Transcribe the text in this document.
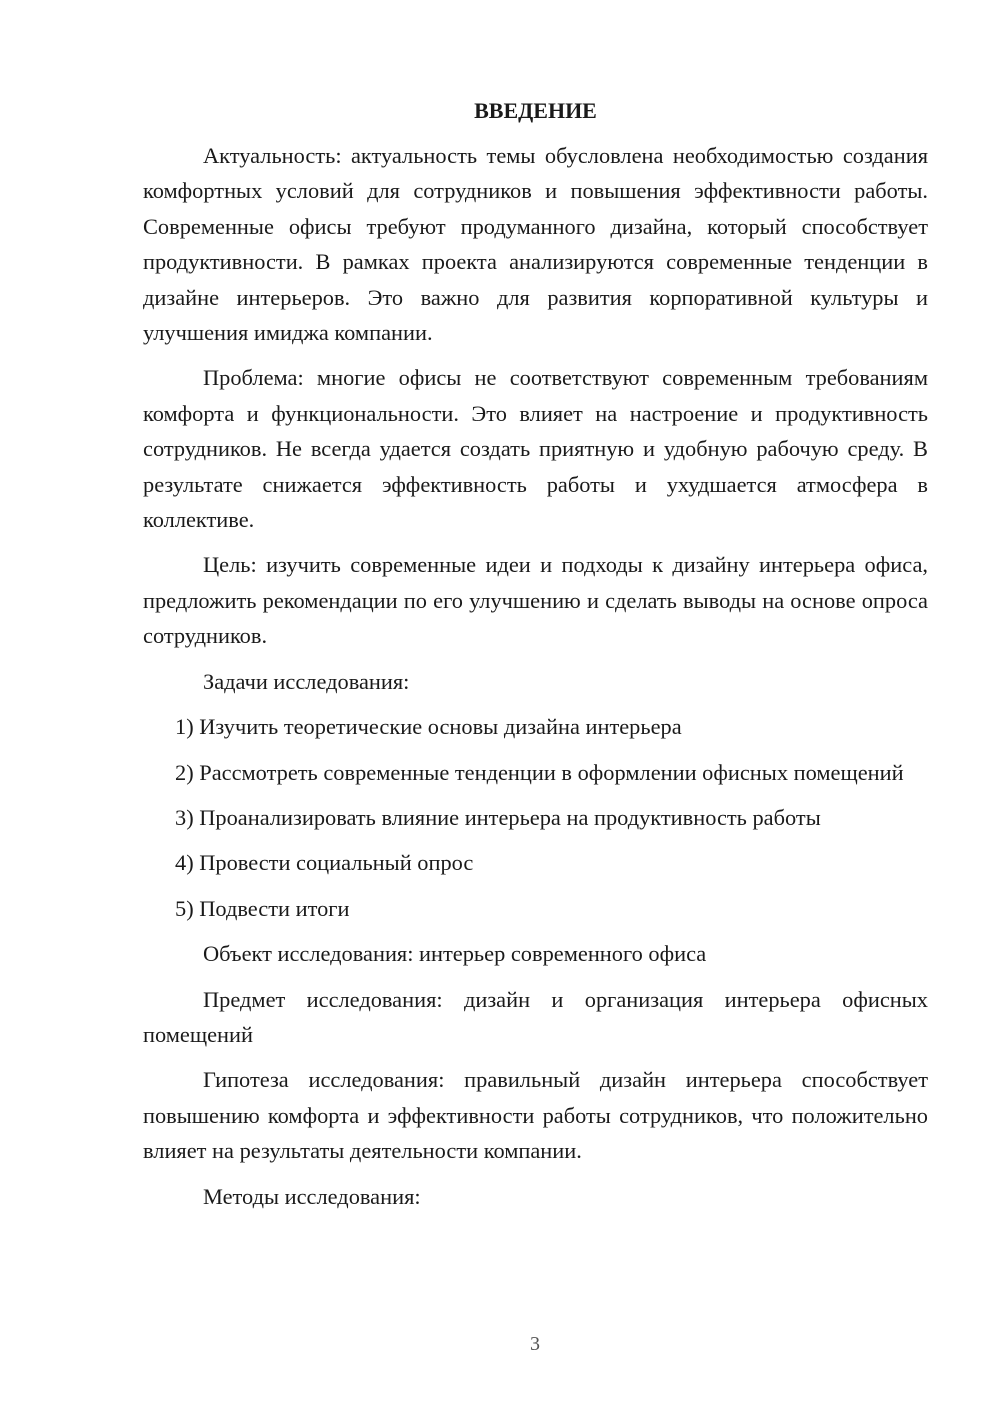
ВВЕДЕНИЕ

Актуальность: актуальность темы обусловлена необходимостью создания комфортных условий для сотрудников и повышения эффективности работы. Современные офисы требуют продуманного дизайна, который способствует продуктивности. В рамках проекта анализируются современные тенденции в дизайне интерьеров. Это важно для развития корпоративной культуры и улучшения имиджа компании.

Проблема: многие офисы не соответствуют современным требованиям комфорта и функциональности. Это влияет на настроение и продуктивность сотрудников. Не всегда удается создать приятную и удобную рабочую среду. В результате снижается эффективность работы и ухудшается атмосфера в коллективе.

Цель: изучить современные идеи и подходы к дизайну интерьера офиса, предложить рекомендации по его улучшению и сделать выводы на основе опроса сотрудников.

Задачи исследования:

1) Изучить теоретические основы дизайна интерьера

2) Рассмотреть современные тенденции в оформлении офисных помещений

3) Проанализировать влияние интерьера на продуктивность работы

4) Провести социальный опрос

5) Подвести итоги

Объект исследования: интерьер современного офиса

Предмет исследования: дизайн и организация интерьера офисных помещений

Гипотеза исследования: правильный дизайн интерьера способствует повышению комфорта и эффективности работы сотрудников, что положительно влияет на результаты деятельности компании.

Методы исследования:

3
